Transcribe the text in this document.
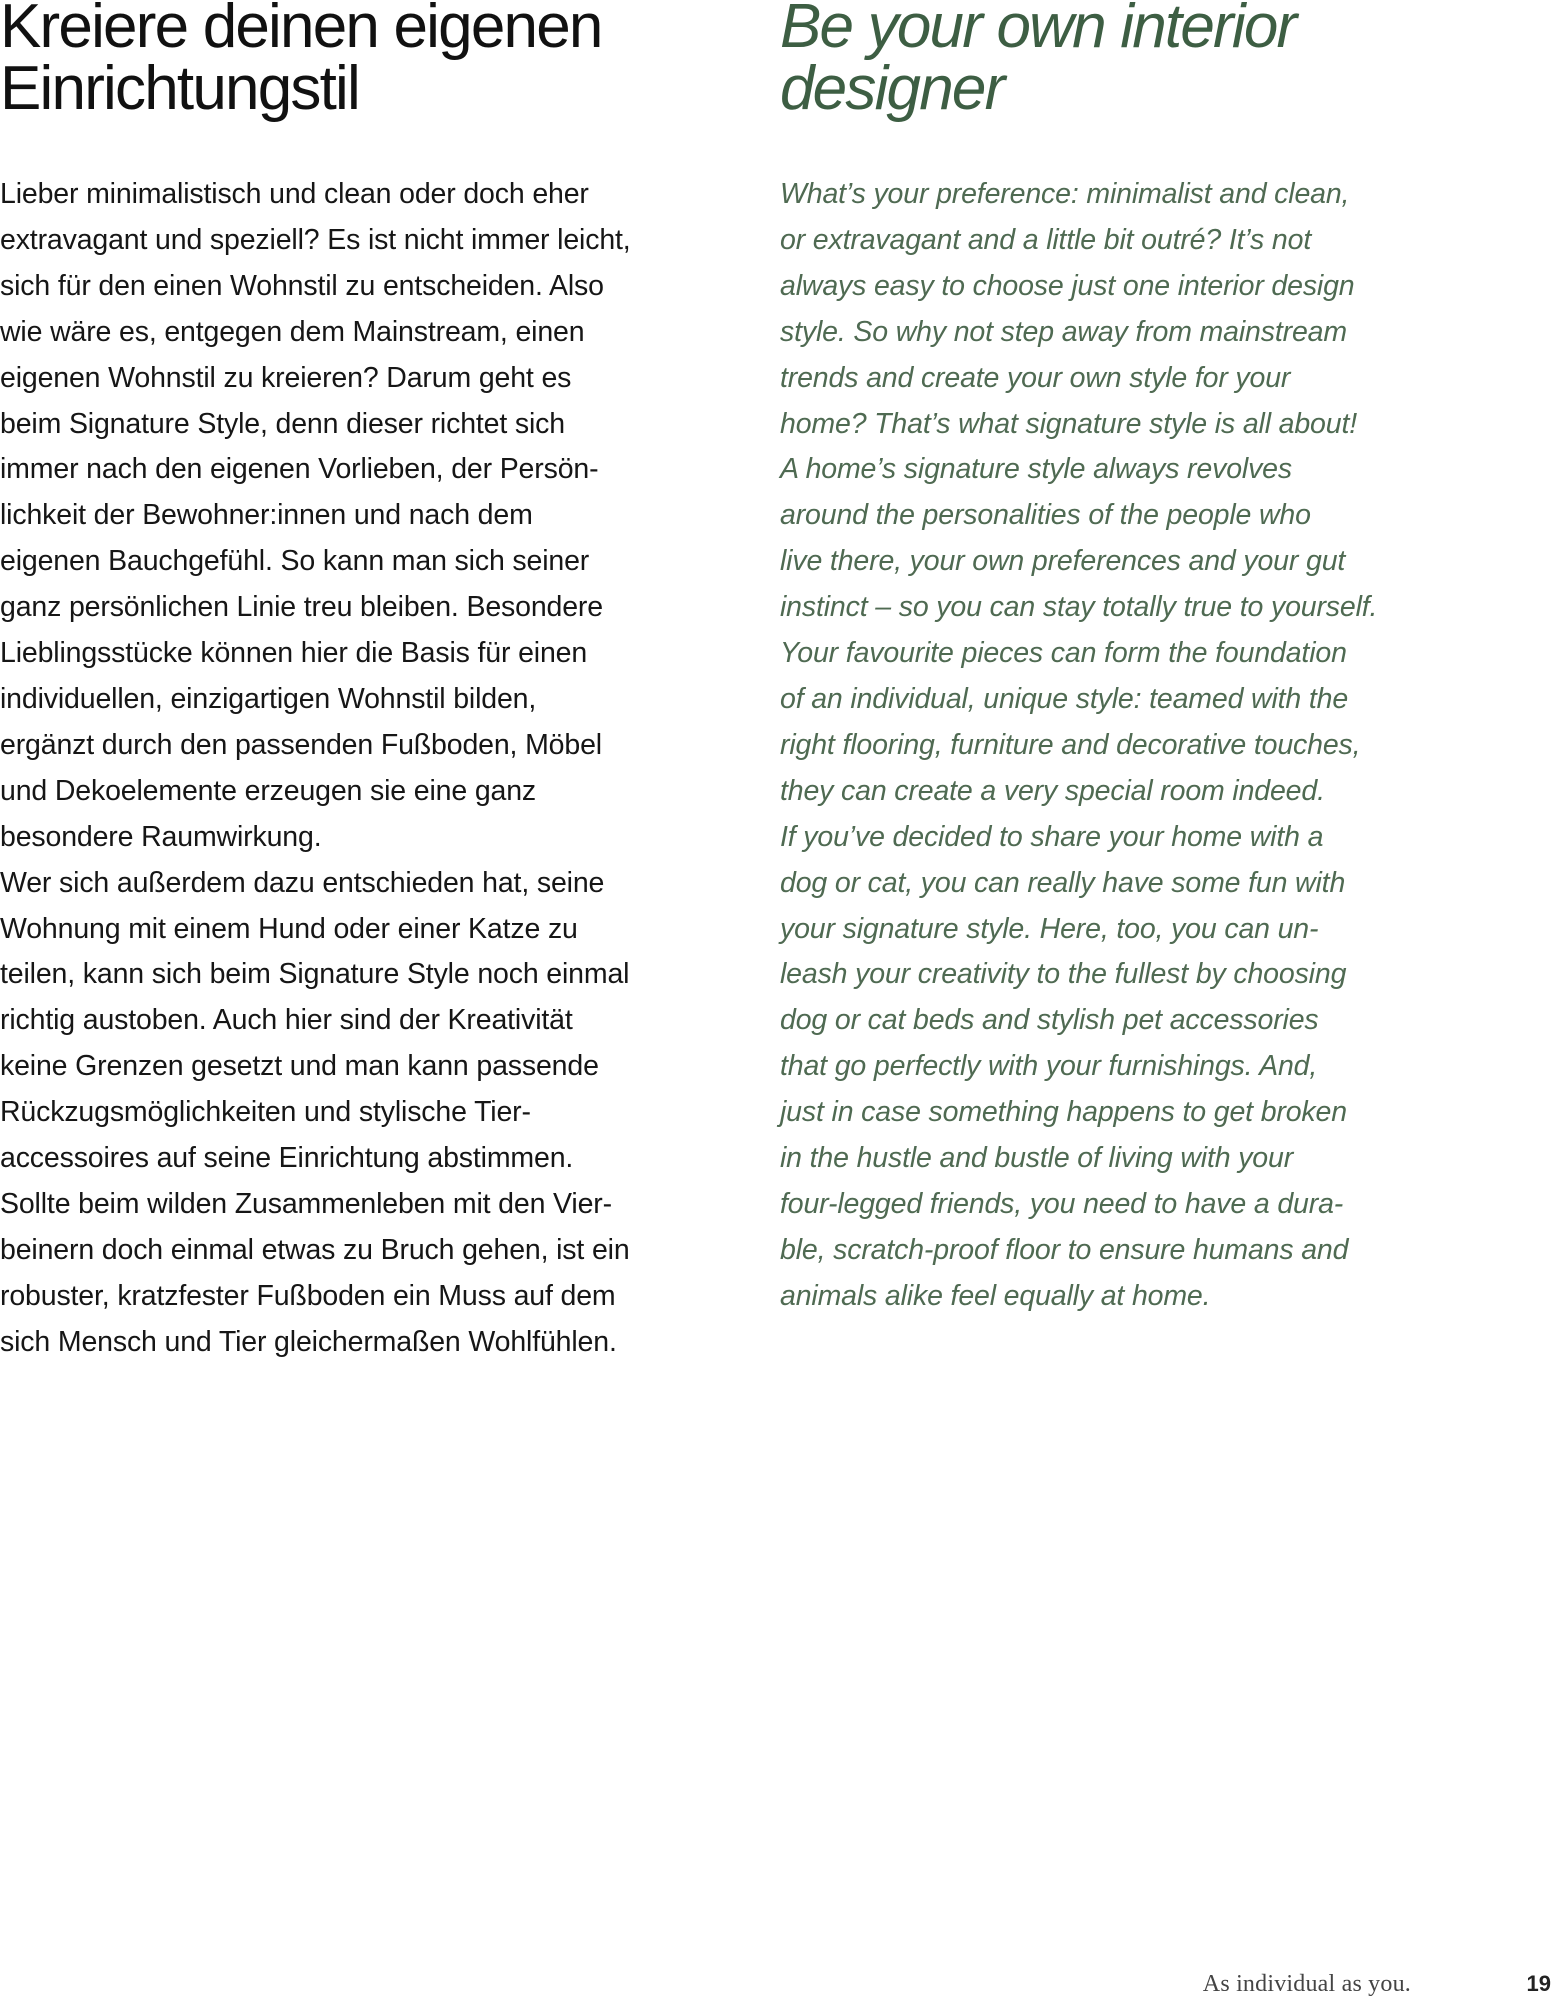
Kreiere deinen eigenen
Einrichtungstil
Lieber minimalistisch und clean oder doch eher
extravagant und speziell? Es ist nicht immer leicht,
sich für den einen Wohnstil zu entscheiden. Also
wie wäre es, entgegen dem Mainstream, einen
eigenen Wohnstil zu kreieren? Darum geht es
beim Signature Style, denn dieser richtet sich
immer nach den eigenen Vorlieben, der Persön-
lichkeit der Bewohner:innen und nach dem
eigenen Bauchgefühl. So kann man sich seiner
ganz persönlichen Linie treu bleiben. Besondere
Lieblingsstücke können hier die Basis für einen
individuellen, einzigartigen Wohnstil bilden,
ergänzt durch den passenden Fußboden, Möbel
und Dekoelemente erzeugen sie eine ganz
besondere Raumwirkung.
Wer sich außerdem dazu entschieden hat, seine
Wohnung mit einem Hund oder einer Katze zu
teilen, kann sich beim Signature Style noch einmal
richtig austoben. Auch hier sind der Kreativität
keine Grenzen gesetzt und man kann passende
Rückzugsmöglichkeiten und stylische Tier-
accessoires auf seine Einrichtung abstimmen.
Sollte beim wilden Zusammenleben mit den Vier-
beinern doch einmal etwas zu Bruch gehen, ist ein
robuster, kratzfester Fußboden ein Muss auf dem
sich Mensch und Tier gleichermaßen Wohlfühlen.
Be your own interior
designer
What’s your preference: minimalist and clean,
or extravagant and a little bit outré? It’s not
always easy to choose just one interior design
style. So why not step away from mainstream
trends and create your own style for your
home? That’s what signature style is all about!
A home’s signature style always revolves
around the personalities of the people who
live there, your own preferences and your gut
instinct – so you can stay totally true to yourself.
Your favourite pieces can form the foundation
of an individual, unique style: teamed with the
right flooring, furniture and decorative touches,
they can create a very special room indeed.
If you’ve decided to share your home with a
dog or cat, you can really have some fun with
your signature style. Here, too, you can un-
leash your creativity to the fullest by choosing
dog or cat beds and stylish pet accessories
that go perfectly with your furnishings. And,
just in case something happens to get broken
in the hustle and bustle of living with your
four-legged friends, you need to have a dura-
ble, scratch-proof floor to ensure humans and
animals alike feel equally at home.
As individual as you.	19
